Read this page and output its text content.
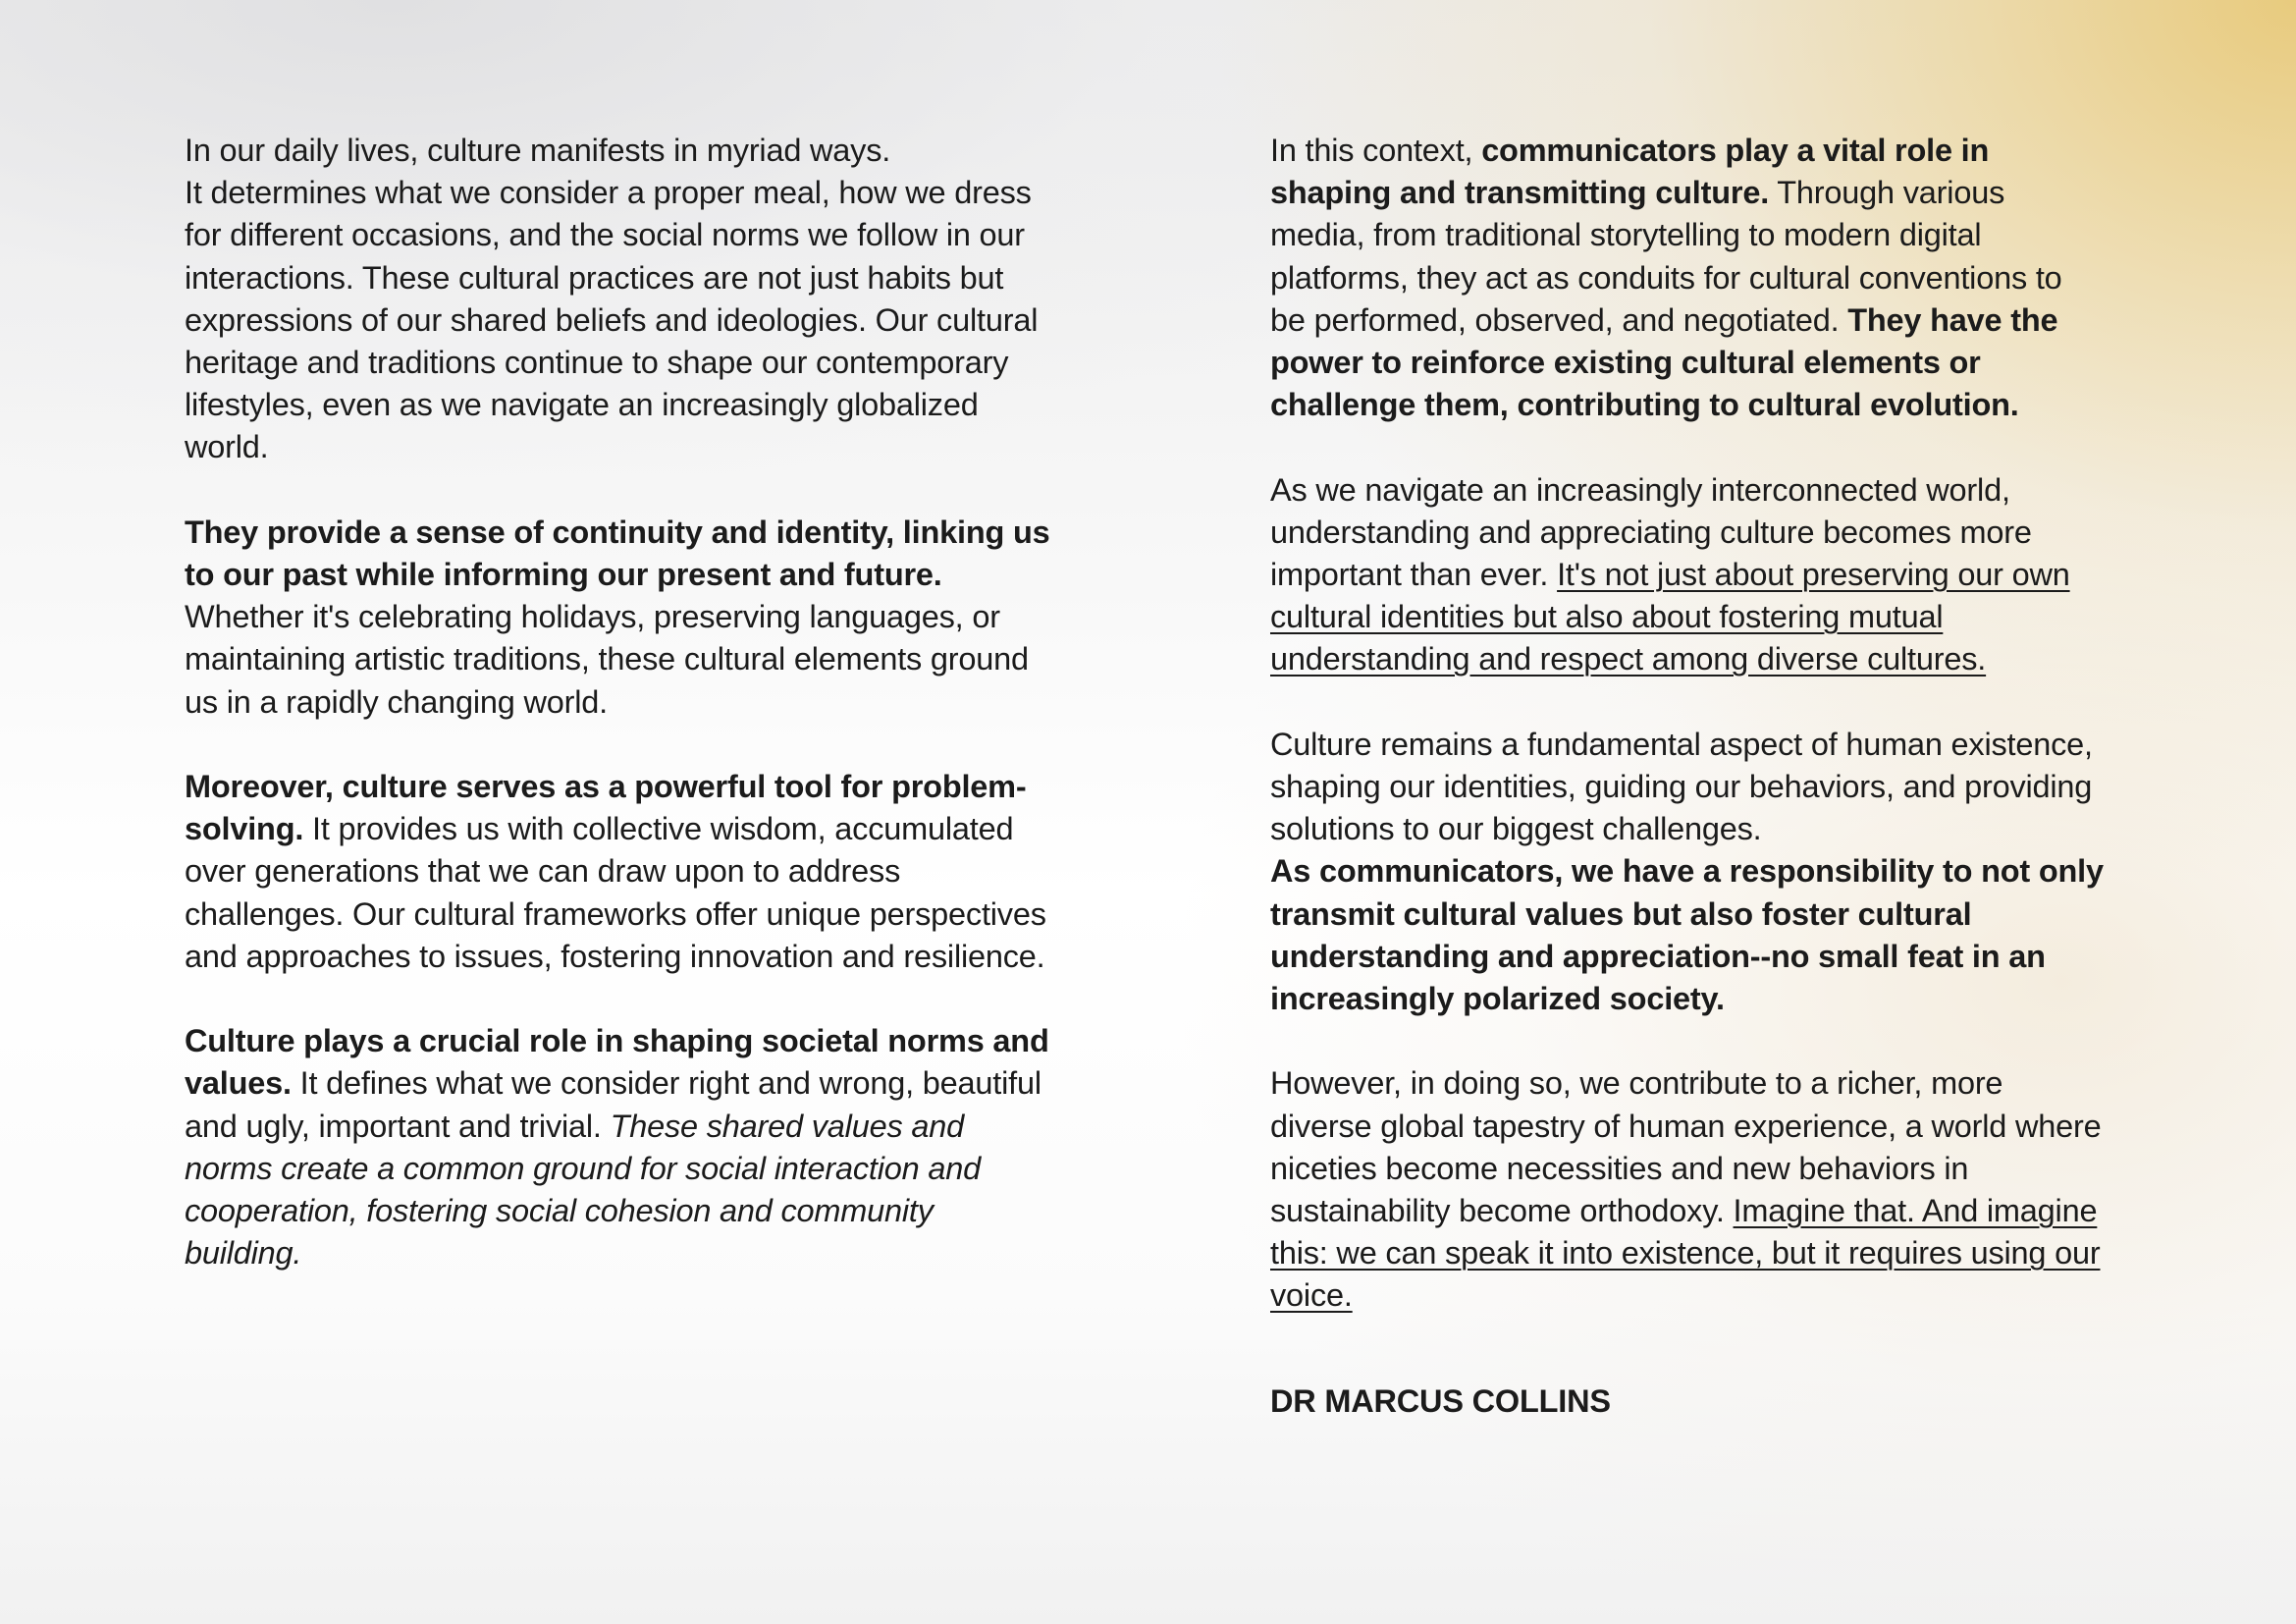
In our daily lives, culture manifests in myriad ways.
It determines what we consider a proper meal, how we dress for different occasions, and the social norms we follow in our interactions. These cultural practices are not just habits but expressions of our shared beliefs and ideologies. Our cultural heritage and traditions continue to shape our contemporary lifestyles, even as we navigate an increasingly globalized world.

They provide a sense of continuity and identity, linking us to our past while informing our present and future.
Whether it's celebrating holidays, preserving languages, or maintaining artistic traditions, these cultural elements ground us in a rapidly changing world.

Moreover, culture serves as a powerful tool for problem-solving. It provides us with collective wisdom, accumulated over generations that we can draw upon to address challenges. Our cultural frameworks offer unique perspectives and approaches to issues, fostering innovation and resilience.

Culture plays a crucial role in shaping societal norms and values. It defines what we consider right and wrong, beautiful and ugly, important and trivial. These shared values and norms create a common ground for social interaction and cooperation, fostering social cohesion and community building.

In this context, communicators play a vital role in shaping and transmitting culture. Through various media, from traditional storytelling to modern digital platforms, they act as conduits for cultural conventions to be performed, observed, and negotiated. They have the power to reinforce existing cultural elements or challenge them, contributing to cultural evolution.

As we navigate an increasingly interconnected world, understanding and appreciating culture becomes more important than ever. It's not just about preserving our own cultural identities but also about fostering mutual understanding and respect among diverse cultures.

Culture remains a fundamental aspect of human existence, shaping our identities, guiding our behaviors, and providing solutions to our biggest challenges.
As communicators, we have a responsibility to not only transmit cultural values but also foster cultural understanding and appreciation--no small feat in an increasingly polarized society.

However, in doing so, we contribute to a richer, more diverse global tapestry of human experience, a world where niceties become necessities and new behaviors in sustainability become orthodoxy. Imagine that. And imagine this: we can speak it into existence, but it requires using our voice.

DR MARCUS COLLINS
